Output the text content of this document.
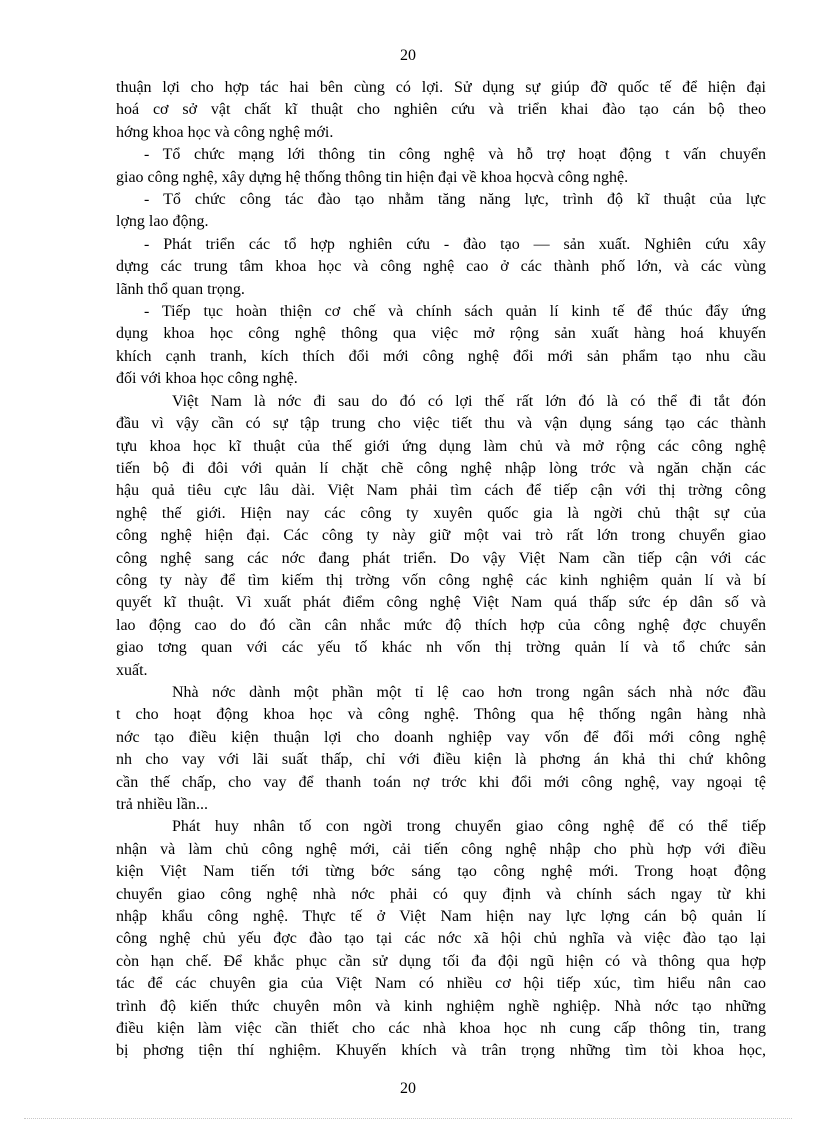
20

thuận lợi cho hợp tác hai bên cùng có lợi. Sử dụng sự giúp đỡ quốc tế để hiện đại

hoá cơ sở vật chất kĩ thuật cho nghiên cứu và triển khai đào tạo cán bộ theo

hớng khoa học và công nghệ mới.

- Tổ chức mạng lới thông tin công nghệ và hỗ trợ hoạt động t vấn chuyển

giao công nghệ, xây dựng hệ thống thông tin hiện đại về khoa họcvà công nghệ.

- Tổ chức công tác đào tạo nhằm tăng năng lực, trình độ kĩ thuật của lực

lợng lao động.

- Phát triển các tổ hợp nghiên cứu - đào tạo — sản xuất. Nghiên cứu xây

dựng các trung tâm khoa học và công nghệ cao ở các thành phố lớn, và các vùng

lãnh thổ quan trọng.

- Tiếp tục hoàn thiện cơ chế và chính sách quản lí kinh tế để thúc đẩy ứng

dụng khoa học công nghệ thông qua việc mở rộng sản xuất hàng hoá khuyến

khích cạnh tranh, kích thích đổi mới công nghệ đổi mới sản phẩm tạo nhu cầu

đối với khoa học công nghệ.

Việt Nam là nớc đi sau do đó có lợi thế rất lớn đó là có thể đi tắt đón

đầu vì vậy cần có sự tập trung cho việc tiết thu và vận dụng sáng tạo các thành

tựu khoa học kĩ thuật của thế giới ứng dụng làm chủ và mở rộng các công nghệ

tiến bộ đi đôi với quản lí chặt chẽ công nghệ nhập lòng trớc và ngăn chặn các

hậu quả tiêu cực lâu dài. Việt Nam phải tìm cách để tiếp cận với thị trờng công

nghệ thế giới. Hiện nay các công ty xuyên quốc gia là ngời chủ thật sự của

công nghệ hiện đại. Các công ty này giữ một vai trò rất lớn trong chuyển giao

công nghệ sang các nớc đang phát triển. Do vậy Việt Nam cần tiếp cận với các

công ty này để tìm kiếm thị trờng vốn công nghệ các kinh nghiệm quản lí và bí

quyết kĩ thuật. Vì xuất phát điểm công nghệ Việt Nam quá thấp sức ép dân số và

lao động cao do đó cần cân nhắc mức độ thích hợp của công nghệ đợc chuyển

giao tơng quan với các yếu tố khác nh vốn thị trờng quản lí và tổ chức sản

xuất.

Nhà nớc dành một phần một tỉ lệ cao hơn trong ngân sách nhà nớc đầu

t cho hoạt động khoa học và công nghệ. Thông qua hệ thống ngân hàng nhà

nớc tạo điều kiện thuận lợi cho doanh nghiệp vay vốn để đổi mới công nghệ

nh cho vay với lãi suất thấp, chỉ với điều kiện là phơng án khả thi chứ không

cần thế chấp, cho vay để thanh toán nợ trớc khi đổi mới công nghệ, vay ngoại tệ

trả nhiều lần...

Phát huy nhân tố con ngời trong chuyển giao công nghệ để có thể tiếp

nhận và làm chủ công nghệ mới, cải tiến công nghệ nhập cho phù hợp với điều

kiện Việt Nam tiến tới từng bớc sáng tạo công nghệ mới. Trong hoạt động

chuyển giao công nghệ nhà nớc phải có quy định và chính sách ngay từ khi

nhập khẩu công nghệ. Thực tế ở Việt Nam hiện nay lực lợng cán bộ quản lí

công nghệ chủ yếu đợc đào tạo tại các nớc xã hội chủ nghĩa và việc đào tạo lại

còn hạn chế. Để khắc phục cần sử dụng tối đa đội ngũ hiện có và thông qua hợp

tác để các chuyên gia của Việt Nam có nhiều cơ hội tiếp xúc, tìm hiểu nân cao

trình độ kiến thức chuyên môn và kinh nghiệm nghề nghiệp. Nhà nớc tạo những

điều kiện làm việc cần thiết cho các nhà khoa học nh cung cấp thông tin, trang

bị phơng tiện thí nghiệm. Khuyến khích và trân trọng những tìm tòi khoa học,

20
